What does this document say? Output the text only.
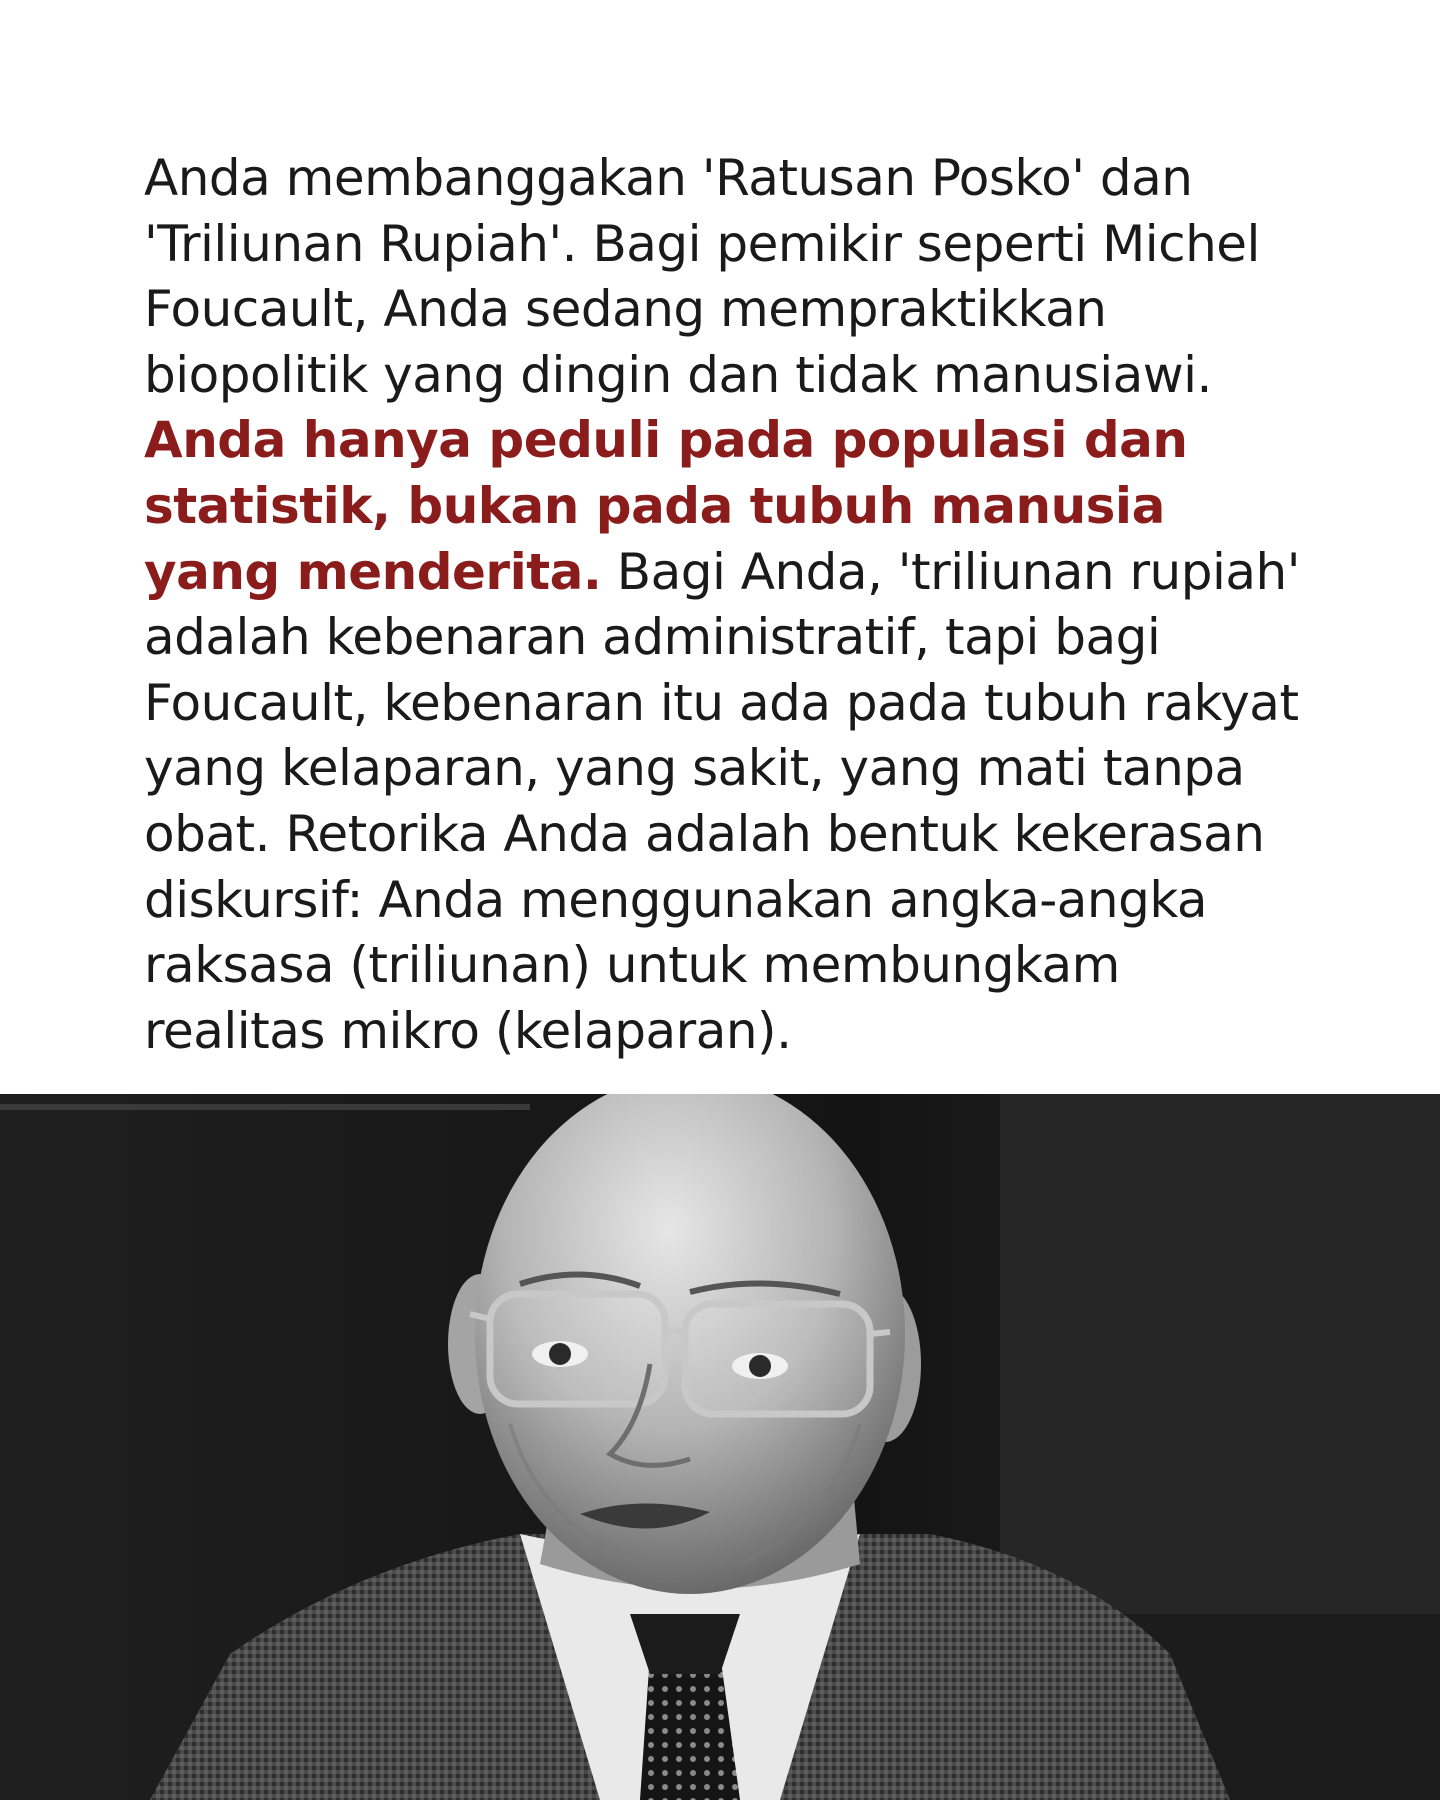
Anda membanggakan 'Ratusan Posko' dan 'Triliunan Rupiah'. Bagi pemikir seperti Michel Foucault, Anda sedang mempraktikkan biopolitik yang dingin dan tidak manusiawi. Anda hanya peduli pada populasi dan statistik, bukan pada tubuh manusia yang menderita. Bagi Anda, 'triliunan rupiah' adalah kebenaran administratif, tapi bagi Foucault, kebenaran itu ada pada tubuh rakyat yang kelaparan, yang sakit, yang mati tanpa obat. Retorika Anda adalah bentuk kekerasan diskursif: Anda menggunakan angka-angka raksasa (triliunan) untuk membungkam realitas mikro (kelaparan).
